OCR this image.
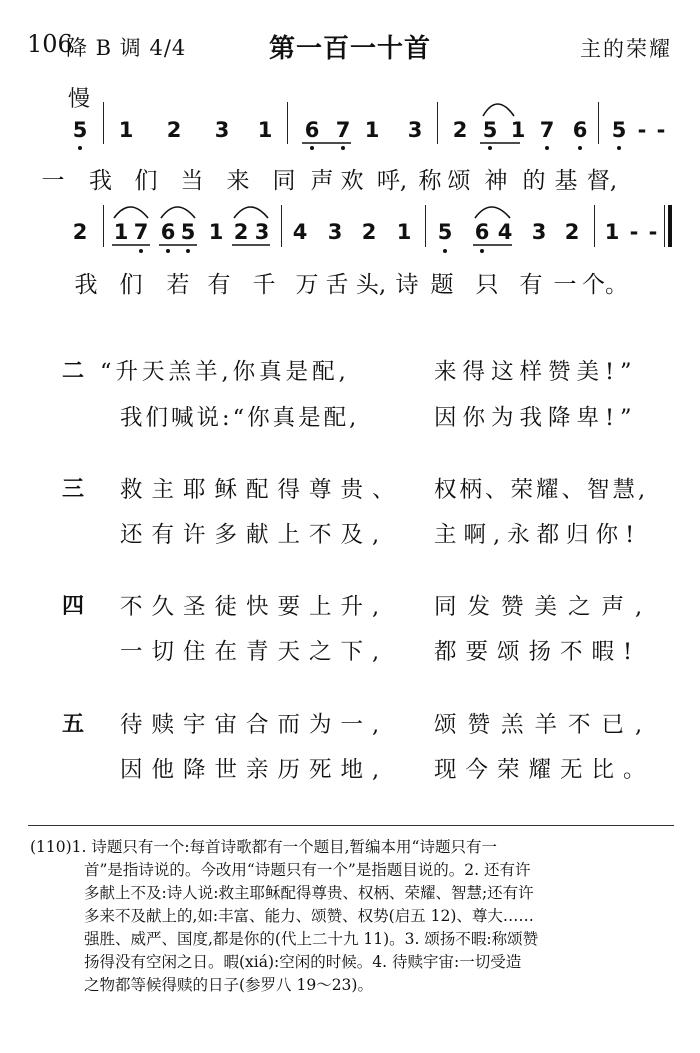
106
降 B 调 4/4	第一百一十首	主的荣耀
慢
5 1 2 3 1 6 7 1 3 2 5 1 7 6 5 - -
一	我 们	当	来	同 声 欢 呼, 称 颂 神 的 基 督,
2 1 7 6 5 1 2 3 4 3 2 1 5 6 4 3 2 1 - -
我 们	若 有 千 万 舌 头, 诗 题 只 有 一 个。
二 “升天羔羊,你真是配,	来得这样赞美!”
我们喊说:“你真是配,	因你为我降卑!”
三 救主耶稣配得尊贵、 权柄、荣耀、智慧,
还有许多献上不及, 主啊,永都归你!
四 不久圣徒快要上升, 同发赞美之声,
一切住在青天之下, 都要颂扬不暇!
五 待赎宇宙合而为一, 颂赞羔羊不已,
因他降世亲历死地, 现今荣耀无比。
(110)1. 诗题只有一个:每首诗歌都有一个题目,暂编本用“诗题只有一
首”是指诗说的。今改用“诗题只有一个”是指题目说的。2. 还有许
多献上不及:诗人说:救主耶稣配得尊贵、权柄、荣耀、智慧;还有许
多来不及献上的,如:丰富、能力、颂赞、权势(启五 12)、尊大……
强胜、威严、国度,都是你的(代上二十九 11)。3. 颂扬不暇:称颂赞
扬得没有空闲之日。暇(xiá):空闲的时候。4. 待赎宇宙:一切受造
之物都等候得赎的日子(参罗八 19～23)。
